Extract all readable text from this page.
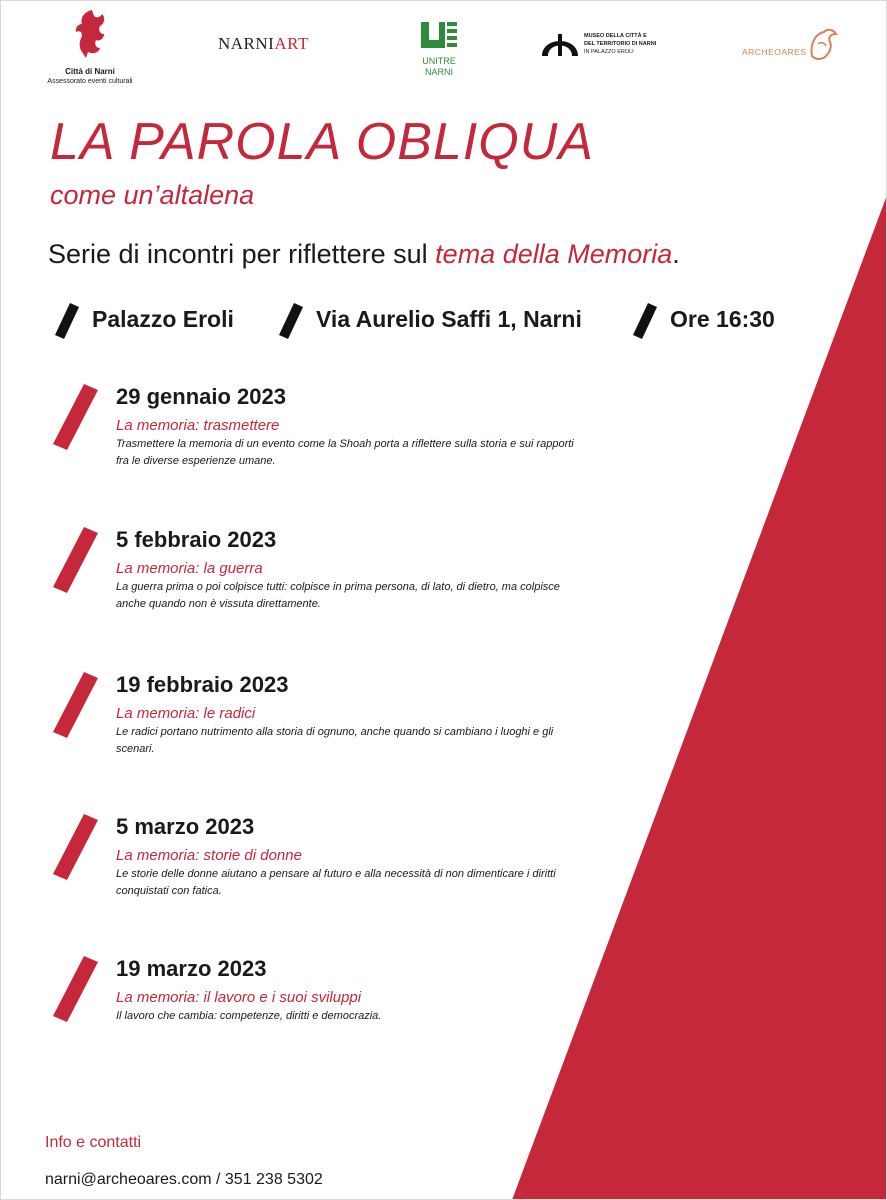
Città di Narni
Assessorato eventi culturali
NARNIART
UNITRE
NARNI
MUSEO DELLA CITTÀ E
DEL TERRITORIO DI NARNI
IN PALAZZO EROLI	ARCHEOARES
LA PAROLA OBLIQUA
come un’altalena
Serie di incontri per riflettere sul tema della Memoria.
Palazzo Eroli	Via Aurelio Saffi 1, Narni	Ore 16:30
29 gennaio 2023
La memoria: trasmettere
Trasmettere la memoria di un evento come la Shoah porta a riflettere sulla storia e sui rapporti fra le diverse esperienze umane.
5 febbraio 2023
La memoria: la guerra
La guerra prima o poi colpisce tutti: colpisce in prima persona, di lato, di dietro, ma colpisce anche quando non è vissuta direttamente.
19 febbraio 2023
La memoria: le radici
Le radici portano nutrimento alla storia di ognuno, anche quando si cambiano i luoghi e gli scenari.
5 marzo 2023
La memoria: storie di donne
Le storie delle donne aiutano a pensare al futuro e alla necessità di non dimenticare i diritti conquistati con fatica.
19 marzo 2023
La memoria: il lavoro e i suoi sviluppi
Il lavoro che cambia: competenze, diritti e democrazia.
Info e contatti
narni@archeoares.com / 351 238 5302
